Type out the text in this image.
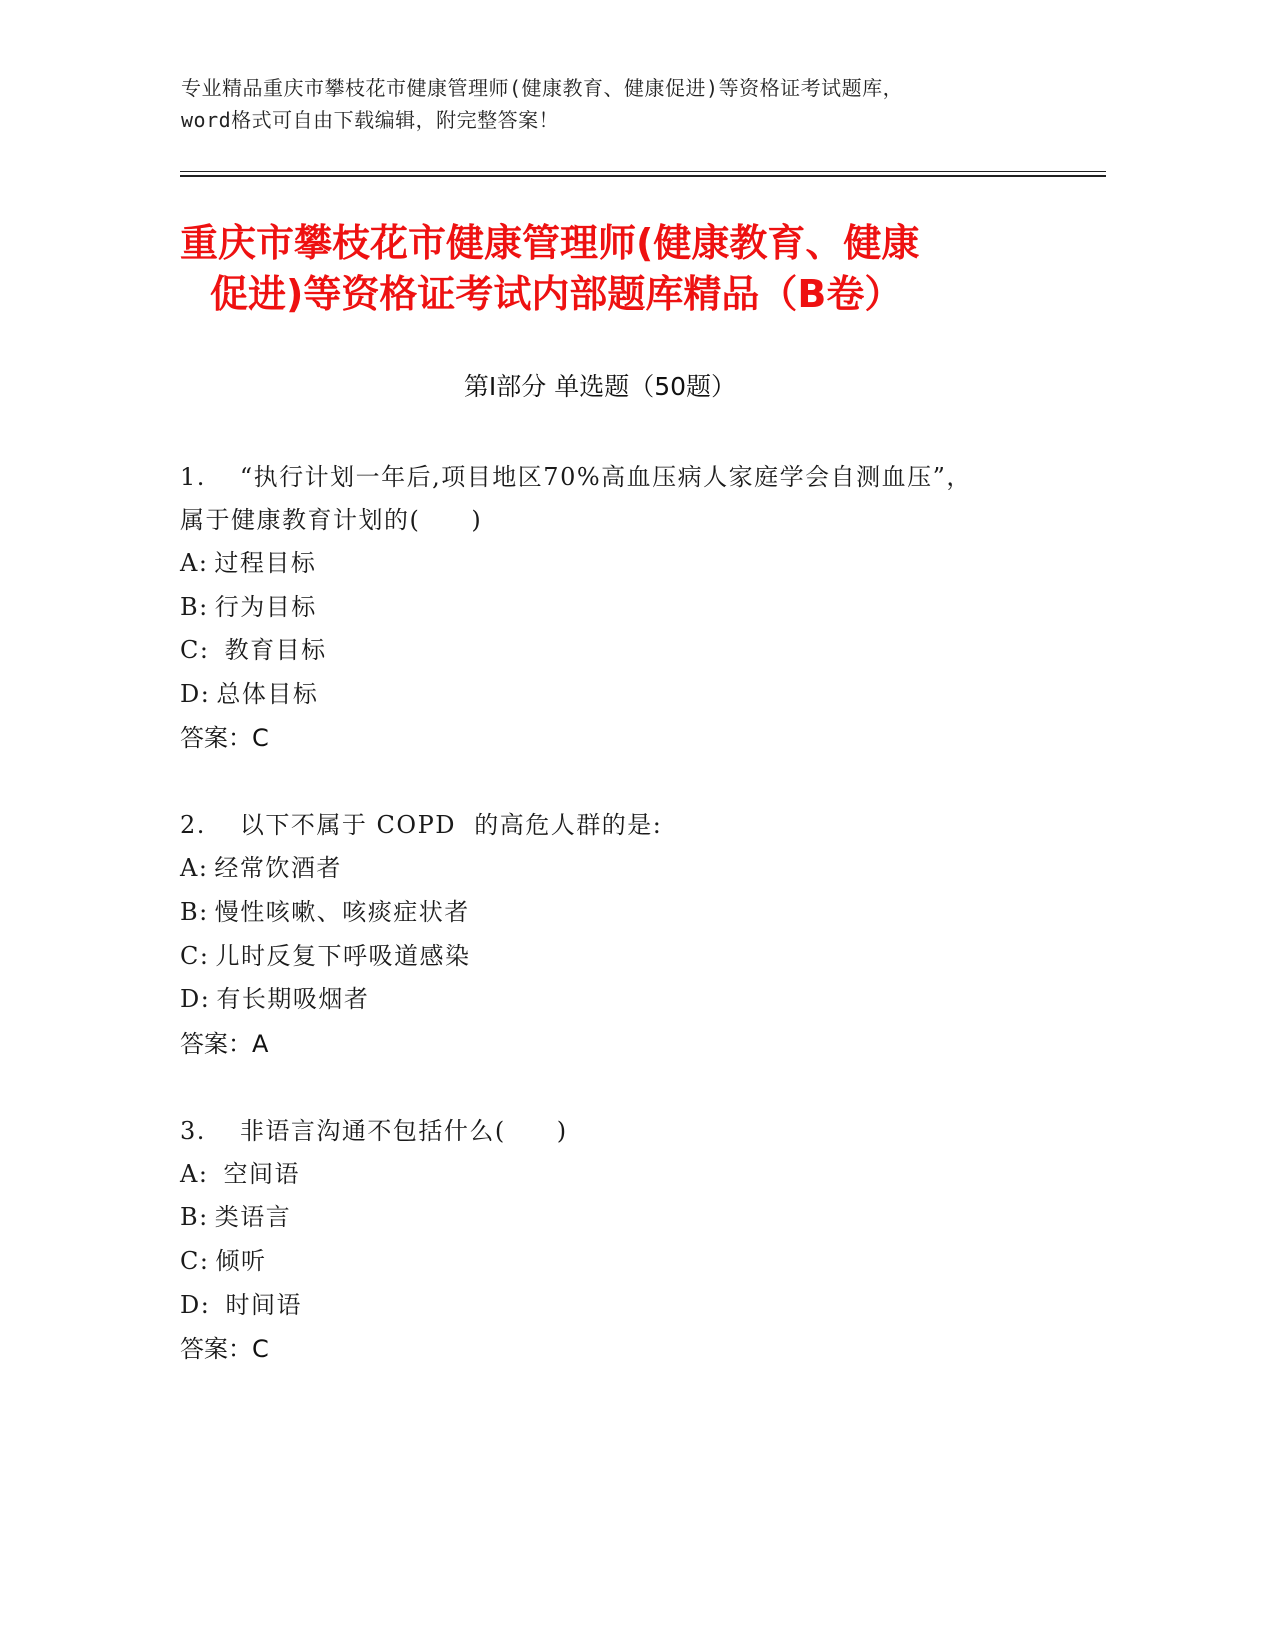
专业精品重庆市攀枝花市健康管理师(健康教育、健康促进)等资格证考试题库，
word格式可自由下载编辑，附完整答案！
重庆市攀枝花市健康管理师(健康教育、健康
促进)等资格证考试内部题库精品（B卷）
第Ⅰ部分 单选题（50题）
1. “执行计划一年后,项目地区70%高血压病人家庭学会自测血压”，
属于健康教育计划的(　　)
A: 过程目标
B: 行为目标
C: 教育目标
D: 总体目标
答案：C
2. 以下不属于 COPD  的高危人群的是:
A: 经常饮酒者
B: 慢性咳嗽、咳痰症状者
C: 儿时反复下呼吸道感染
D: 有长期吸烟者
答案：A
3. 非语言沟通不包括什么(　　)
A: 空间语
B: 类语言
C: 倾听
D: 时间语
答案：C
